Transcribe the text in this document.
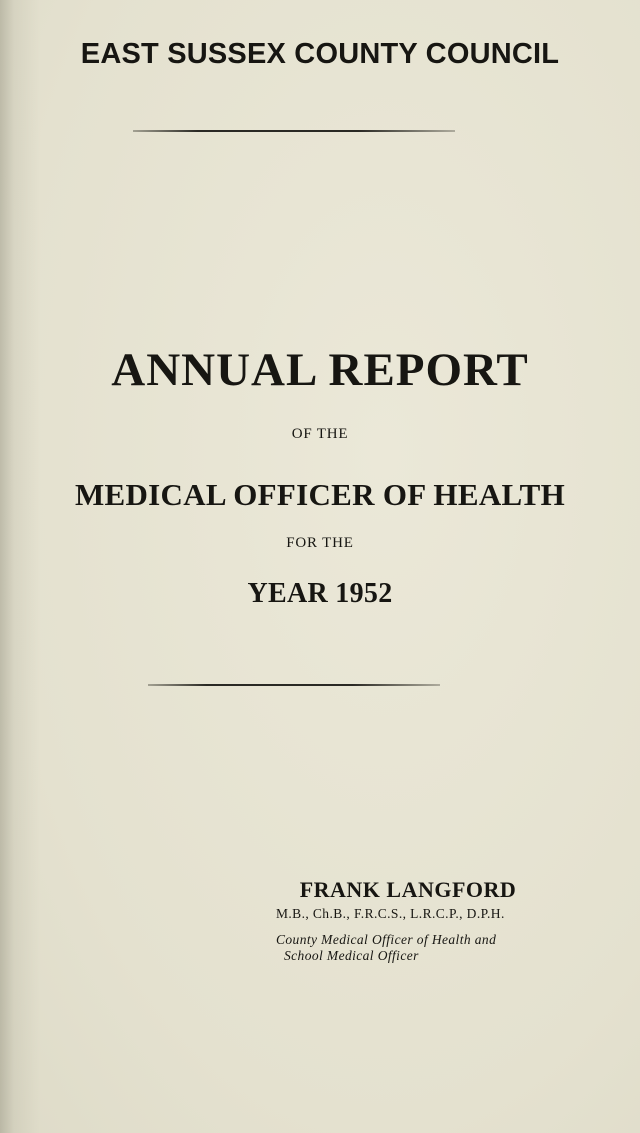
EAST SUSSEX COUNTY COUNCIL
ANNUAL REPORT
OF THE
MEDICAL OFFICER OF HEALTH
FOR THE
YEAR 1952
FRANK LANGFORD
M.B., Ch.B., F.R.C.S., L.R.C.P., D.P.H.
County Medical Officer of Health and
School Medical Officer
